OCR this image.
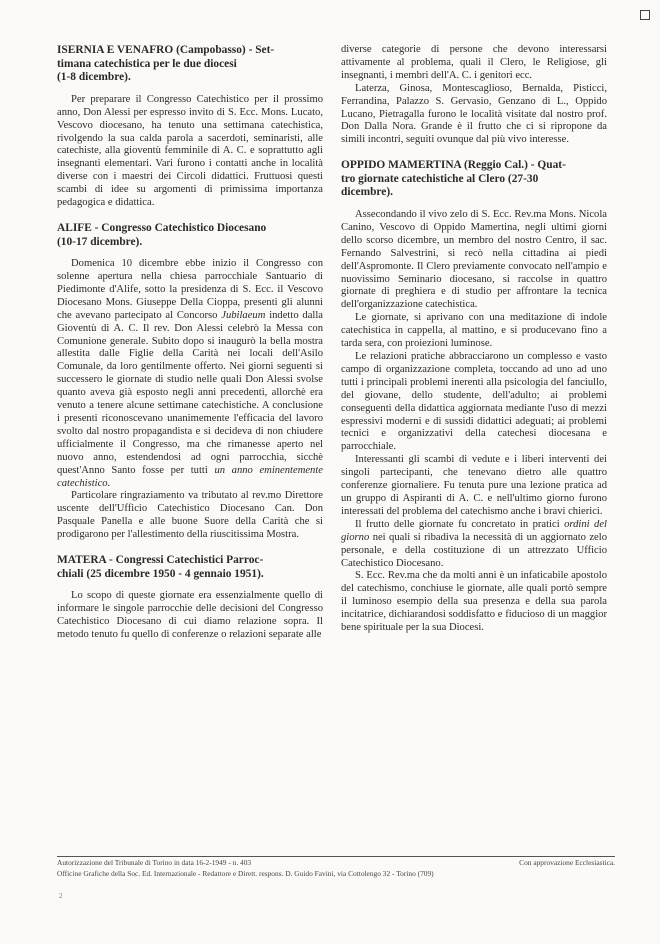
ISERNIA E VENAFRO (Campobasso) - Set-
timana catechistica per le due diocesi
(1-8 dicembre).

Per preparare il Congresso Catechistico per il prossimo anno, Don Alessi per espresso invito di S. Ecc. Mons. Lucato, Vescovo diocesano, ha tenuto una settimana catechistica, rivolgendo la sua calda parola a sacerdoti, seminaristi, alle catechiste, alla gioventù femminile di A. C. e soprattutto agli insegnanti elementari. Vari furono i contatti anche in località diverse con i maestri dei Circoli didattici. Fruttuosi questi scambi di idee su argomenti di primissima importanza pedagogica e didattica.

ALIFE - Congresso Catechistico Diocesano
(10-17 dicembre).

Domenica 10 dicembre ebbe inizio il Congresso con solenne apertura nella chiesa parrocchiale Santuario di Piedimonte d'Alife, sotto la presidenza di S. Ecc. il Vescovo Diocesano Mons. Giuseppe Della Cioppa, presenti gli alunni che avevano partecipato al Concorso Jubilaeum indetto dalla Gioventù di A. C. Il rev. Don Alessi celebrò la Messa con Comunione generale. Subito dopo si inaugurò la bella mostra allestita dalle Figlie della Carità nei locali dell'Asilo Comunale, da loro gentilmente offerto. Nei giorni seguenti si successero le giornate di studio nelle quali Don Alessi svolse quanto aveva già esposto negli anni precedenti, allorchè era venuto a tenere alcune settimane catechistiche. A conclusione i presenti riconoscevano unanimemente l'efficacia del lavoro svolto dal nostro propagandista e si decideva di non chiudere ufficialmente il Congresso, ma che rimanesse aperto nel nuovo anno, estendendosi ad ogni parrocchia, sicchè quest'Anno Santo fosse per tutti un anno eminentemente catechistico.

Particolare ringraziamento va tributato al rev.mo Direttore uscente dell'Ufficio Catechistico Diocesano Can. Don Pasquale Panella e alle buone Suore della Carità che si prodigarono per l'allestimento della riuscitissima Mostra.

MATERA - Congressi Catechistici Parroc-
chiali (25 dicembre 1950 - 4 gennaio 1951).

Lo scopo di queste giornate era essenzialmente quello di informare le singole parrocchie delle decisioni del Congresso Catechistico Diocesano di cui diamo relazione sopra. Il metodo tenuto fu quello di conferenze o relazioni separate alle

diverse categorie di persone che devono interessarsi attivamente al problema, quali il Clero, le Religiose, gli insegnanti, i membri dell'A. C. i genitori ecc.

Laterza, Ginosa, Montescaglioso, Bernalda, Pisticci, Ferrandina, Palazzo S. Gervasio, Genzano di L., Oppido Lucano, Pietragalla furono le località visitate dal nostro prof. Don Dalla Nora. Grande è il frutto che ci si ripropone da simili incontri, seguiti ovunque dal più vivo interesse.

OPPIDO MAMERTINA (Reggio Cal.) - Quat-
tro giornate catechistiche al Clero (27-30
dicembre).

Assecondando il vivo zelo di S. Ecc. Rev.ma Mons. Nicola Canino, Vescovo di Oppido Mamertina, negli ultimi giorni dello scorso dicembre, un membro del nostro Centro, il sac. Fernando Salvestrini, si recò nella cittadina ai piedi dell'Aspromonte. Il Clero previamente convocato nell'ampio e nuovissimo Seminario diocesano, si raccolse in quattro giornate di preghiera e di studio per affrontare la tecnica dell'organizzazione catechistica.

Le giornate, si aprivano con una meditazione di indole catechistica in cappella, al mattino, e si producevano fino a tarda sera, con proiezioni luminose.

Le relazioni pratiche abbracciarono un complesso e vasto campo di organizzazione completa, toccando ad uno ad uno tutti i principali problemi inerenti alla psicologia del fanciullo, del giovane, dello studente, dell'adulto; ai problemi conseguenti della didattica aggiornata mediante l'uso di mezzi espressivi moderni e di sussidi didattici adeguati; ai problemi tecnici e organizzativi della catechesi diocesana e parrocchiale.

Interessanti gli scambi di vedute e i liberi interventi dei singoli partecipanti, che tenevano dietro alle quattro conferenze giornaliere. Fu tenuta pure una lezione pratica ad un gruppo di Aspiranti di A. C. e nell'ultimo giorno furono interessati del problema del catechismo anche i bravi chierici.

Il frutto delle giornate fu concretato in pratici ordini del giorno nei quali si ribadiva la necessità di un aggiornato zelo personale, e della costituzione di un attrezzato Ufficio Catechistico Diocesano.

S. Ecc. Rev.ma che da molti anni è un infaticabile apostolo del catechismo, conchiuse le giornate, alle quali portò sempre il luminoso esempio della sua presenza e della sua parola incitatrice, dichiarandosi soddisfatto e fiducioso di un maggior bene spirituale per la sua Diocesi.

Autorizzazione del Tribunale di Torino in data 16-2-1949 - n. 403	Con approvazione Ecclesiastica.
Officine Grafiche della Soc. Ed. Internazionale - Redattore e Dirett. respons. D. Guido Favini, via Cottolengo 32 - Torino (709)
2
